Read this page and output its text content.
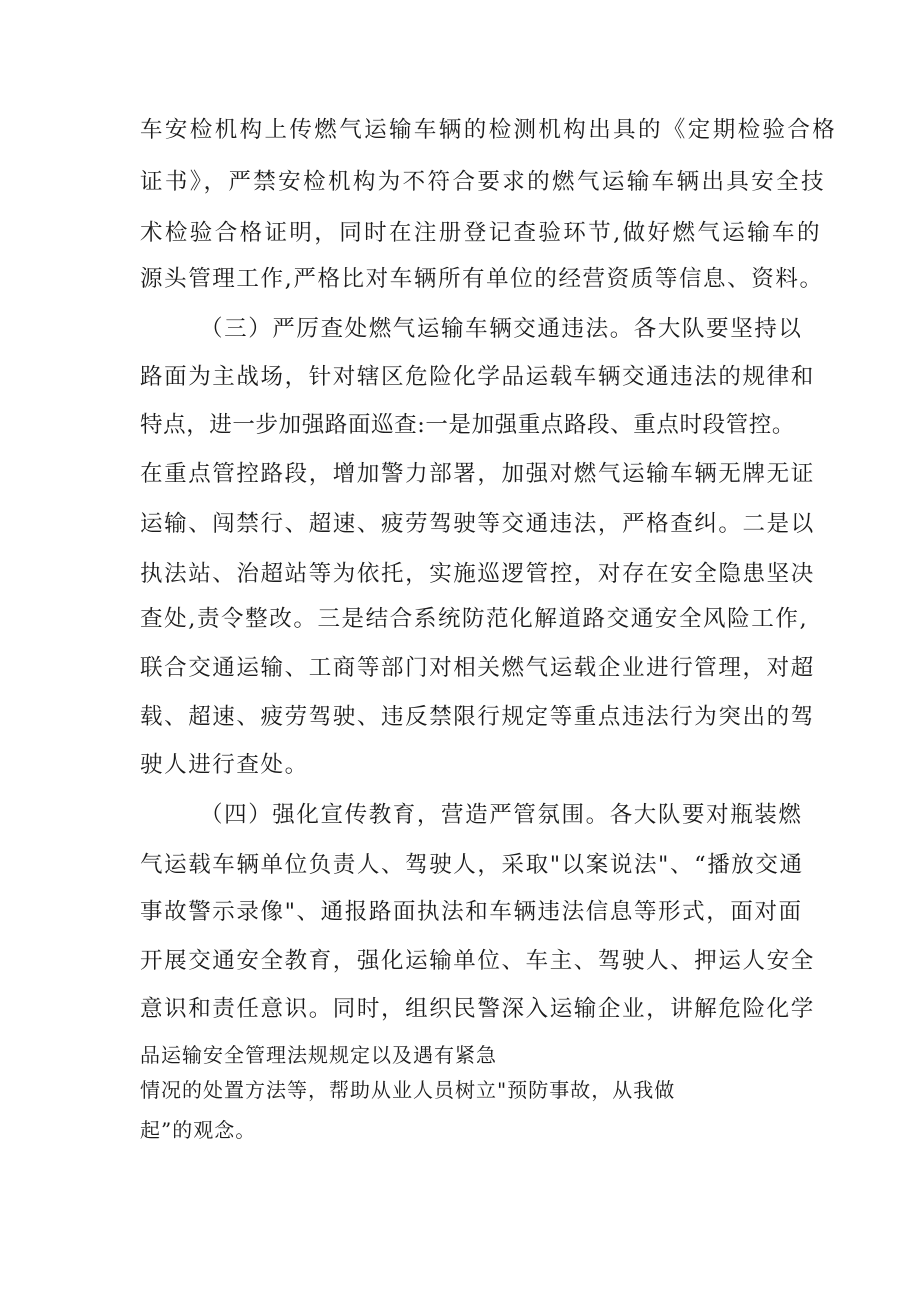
车安检机构上传燃气运输车辆的检测机构出具的《定期检验合格
证书》，严禁安检机构为不符合要求的燃气运输车辆出具安全技
术检验合格证明，同时在注册登记查验环节,做好燃气运输车的
源头管理工作,严格比对车辆所有单位的经营资质等信息、资料。
（三）严厉查处燃气运输车辆交通违法。各大队要坚持以
路面为主战场，针对辖区危险化学品运载车辆交通违法的规律和
特点，进一步加强路面巡查:一是加强重点路段、重点时段管控。
在重点管控路段，增加警力部署，加强对燃气运输车辆无牌无证
运输、闯禁行、超速、疲劳驾驶等交通违法，严格查纠。二是以
执法站、治超站等为依托，实施巡逻管控，对存在安全隐患坚决
查处,责令整改。三是结合系统防范化解道路交通安全风险工作,
联合交通运输、工商等部门对相关燃气运载企业进行管理，对超
载、超速、疲劳驾驶、违反禁限行规定等重点违法行为突出的驾
驶人进行查处。
（四）强化宣传教育，营造严管氛围。各大队要对瓶装燃
气运载车辆单位负责人、驾驶人，采取"以案说法"、“播放交通
事故警示录像"、通报路面执法和车辆违法信息等形式，面对面
开展交通安全教育，强化运输单位、车主、驾驶人、押运人安全
意识和责任意识。同时，组织民警深入运输企业，讲解危险化学
品运输安全管理法规规定以及遇有紧急
情况的处置方法等，帮助从业人员树立"预防事故，从我做
起”的观念。
